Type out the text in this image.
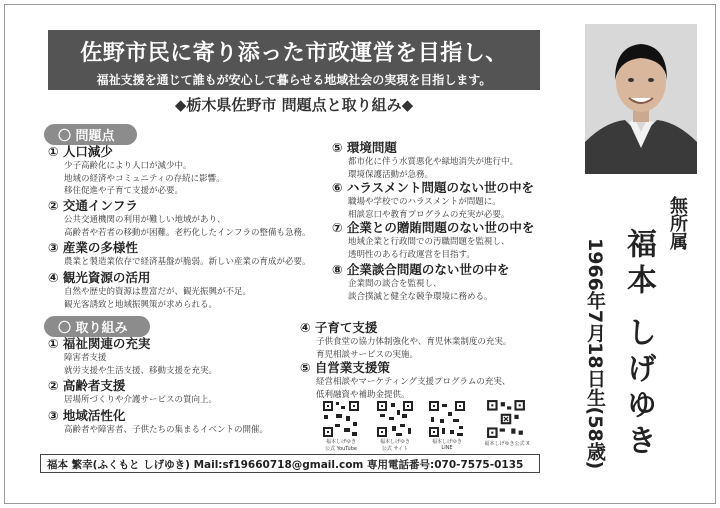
佐野市民に寄り添った市政運営を目指し、
福祉支援を通じて誰もが安心して暮らせる地域社会の実現を目指します。
◆栃木県佐野市 問題点と取り組み◆
〇 問題点
① 人口減少
少子高齢化により人口が減少中。
地域の経済やコミュニティの存続に影響。
移住促進や子育て支援が必要。
② 交通インフラ
公共交通機関の利用が難しい地域があり、
高齢者や若者の移動が困難。老朽化したインフラの整備も急務。
③ 産業の多様性
農業と製造業依存で経済基盤が脆弱。新しい産業の育成が必要。
④ 観光資源の活用
自然や歴史的資源は豊富だが、観光振興が不足。
観光客誘致と地域振興策が求められる。
⑤ 環境問題
都市化に伴う水質悪化や緑地消失が進行中。
環境保護活動が急務。
⑥ ハラスメント問題のない世の中を
職場や学校でのハラスメントが問題に。
相談窓口や教育プログラムの充実が必要。
⑦ 企業との贈賄問題のない世の中を
地域企業と行政間での汚職問題を監視し、
透明性のある行政運営を目指す。
⑧ 企業談合問題のない世の中を
企業間の談合を監視し、
談合撲滅と健全な競争環境に務める。
〇 取り組み
① 福祉関連の充実
障害者支援
就労支援や生活支援、移動支援を充実。
② 高齢者支援
居場所づくりや介護サービスの質向上。
③ 地域活性化
高齢者や障害者、子供たちの集まるイベントの開催。
④ 子育て支援
子供食堂の協力体制強化や、育児休業制度の充実。
育児相談サービスの実施。
⑤ 自営業支援策
経営相談やマーケティング支援プログラムの充実、
低利融資や補助金提供。
福本しげゆき
公式 YouTube
福本しげゆき
公式 サイト
福本しげゆき
LINE
福本しげゆき公式 X
無所属
福本 しげゆき
1966年7月18日生(58歳)
福本 繁幸(ふくもと しげゆき) Mail:sf19660718@gmail.com 専用電話番号:070-7575-0135
